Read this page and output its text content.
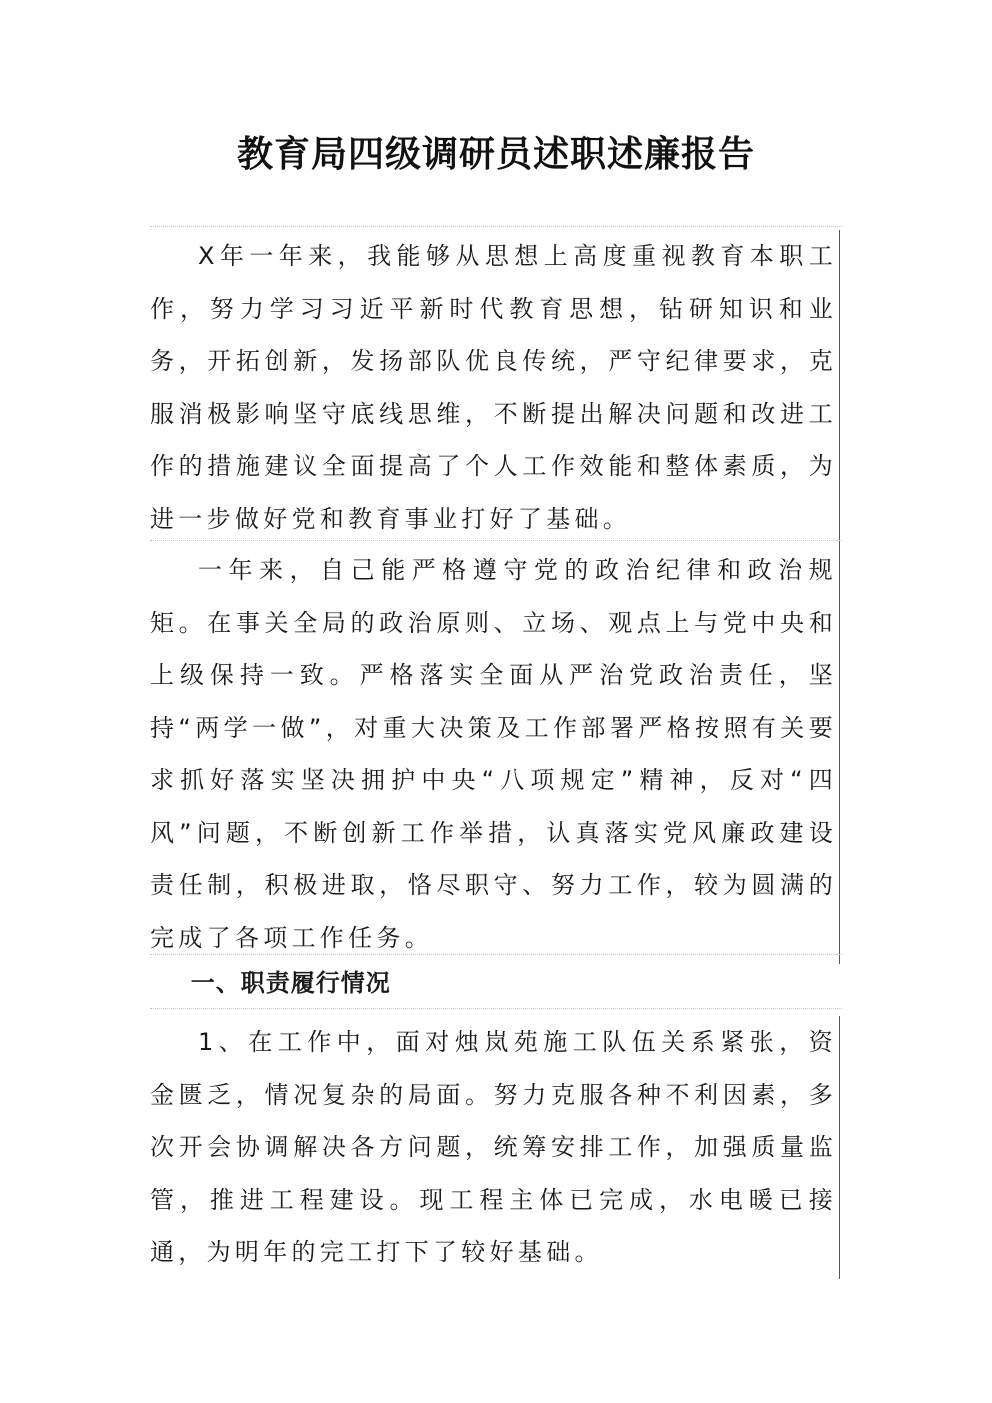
教育局四级调研员述职述廉报告

X年一年来，我能够从思想上高度重视教育本职工作，努力学习习近平新时代教育思想，钻研知识和业务，开拓创新，发扬部队优良传统，严守纪律要求，克服消极影响坚守底线思维，不断提出解决问题和改进工作的措施建议全面提高了个人工作效能和整体素质，为进一步做好党和教育事业打好了基础。

一年来，自己能严格遵守党的政治纪律和政治规矩。在事关全局的政治原则、立场、观点上与党中央和上级保持一致。严格落实全面从严治党政治责任，坚持“两学一做”，对重大决策及工作部署严格按照有关要求抓好落实坚决拥护中央“八项规定”精神，反对“四风”问题，不断创新工作举措，认真落实党风廉政建设责任制，积极进取，恪尽职守、努力工作，较为圆满的完成了各项工作任务。

一、职责履行情况

1、在工作中，面对烛岚苑施工队伍关系紧张，资金匮乏，情况复杂的局面。努力克服各种不利因素，多次开会协调解决各方问题，统筹安排工作，加强质量监管，推进工程建设。现工程主体已完成，水电暖已接通，为明年的完工打下了较好基础。
